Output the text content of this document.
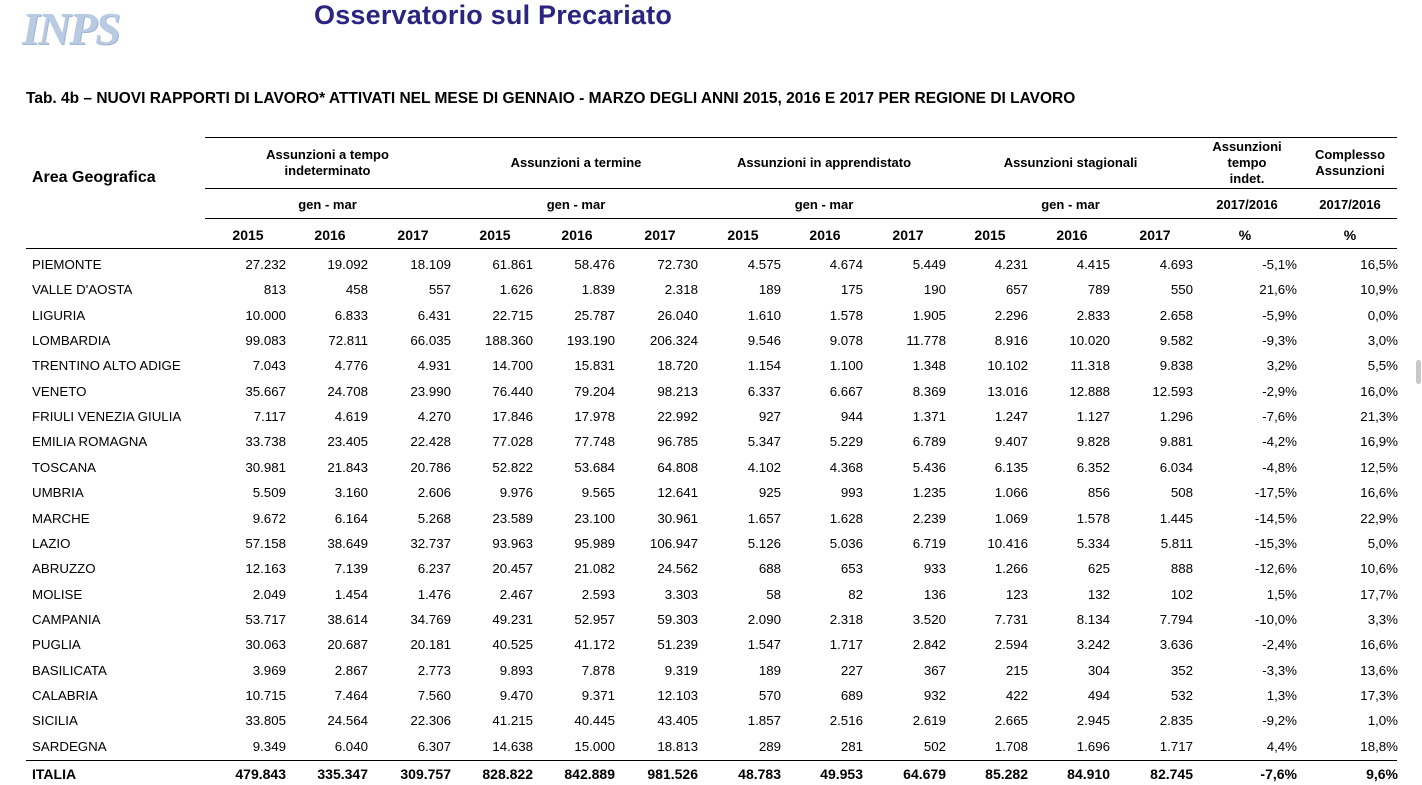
INPS	Osservatorio sul Precariato
Tab. 4b – NUOVI RAPPORTI DI LAVORO* ATTIVATI NEL MESE DI GENNAIO - MARZO DEGLI ANNI 2015, 2016 E 2017 PER REGIONE DI LAVORO
Area Geografica
Assunzioni a tempo
indeterminato
Assunzioni a termine	Assunzioni in apprendistato	Assunzioni stagionali
Assunzioni
tempo
indet.
Complesso
Assunzioni
gen - mar	gen - mar	gen - mar	gen - mar	2017/2016	2017/2016
2015	2016	2017	2015	2016	2017	2015	2016	2017	2015	2016	2017	%	%
PIEMONTE	27.232	19.092	18.109	61.861	58.476	72.730	4.575	4.674	5.449	4.231	4.415	4.693	-5,1%	16,5%
VALLE D'AOSTA	813	458	557	1.626	1.839	2.318	189	175	190	657	789	550	21,6%	10,9%
LIGURIA	10.000	6.833	6.431	22.715	25.787	26.040	1.610	1.578	1.905	2.296	2.833	2.658	-5,9%	0,0%
LOMBARDIA	99.083	72.811	66.035	188.360	193.190	206.324	9.546	9.078	11.778	8.916	10.020	9.582	-9,3%	3,0%
TRENTINO ALTO ADIGE	7.043	4.776	4.931	14.700	15.831	18.720	1.154	1.100	1.348	10.102	11.318	9.838	3,2%	5,5%
VENETO	35.667	24.708	23.990	76.440	79.204	98.213	6.337	6.667	8.369	13.016	12.888	12.593	-2,9%	16,0%
FRIULI VENEZIA GIULIA	7.117	4.619	4.270	17.846	17.978	22.992	927	944	1.371	1.247	1.127	1.296	-7,6%	21,3%
EMILIA ROMAGNA	33.738	23.405	22.428	77.028	77.748	96.785	5.347	5.229	6.789	9.407	9.828	9.881	-4,2%	16,9%
TOSCANA	30.981	21.843	20.786	52.822	53.684	64.808	4.102	4.368	5.436	6.135	6.352	6.034	-4,8%	12,5%
UMBRIA	5.509	3.160	2.606	9.976	9.565	12.641	925	993	1.235	1.066	856	508	-17,5%	16,6%
MARCHE	9.672	6.164	5.268	23.589	23.100	30.961	1.657	1.628	2.239	1.069	1.578	1.445	-14,5%	22,9%
LAZIO	57.158	38.649	32.737	93.963	95.989	106.947	5.126	5.036	6.719	10.416	5.334	5.811	-15,3%	5,0%
ABRUZZO	12.163	7.139	6.237	20.457	21.082	24.562	688	653	933	1.266	625	888	-12,6%	10,6%
MOLISE	2.049	1.454	1.476	2.467	2.593	3.303	58	82	136	123	132	102	1,5%	17,7%
CAMPANIA	53.717	38.614	34.769	49.231	52.957	59.303	2.090	2.318	3.520	7.731	8.134	7.794	-10,0%	3,3%
PUGLIA	30.063	20.687	20.181	40.525	41.172	51.239	1.547	1.717	2.842	2.594	3.242	3.636	-2,4%	16,6%
BASILICATA	3.969	2.867	2.773	9.893	7.878	9.319	189	227	367	215	304	352	-3,3%	13,6%
CALABRIA	10.715	7.464	7.560	9.470	9.371	12.103	570	689	932	422	494	532	1,3%	17,3%
SICILIA	33.805	24.564	22.306	41.215	40.445	43.405	1.857	2.516	2.619	2.665	2.945	2.835	-9,2%	1,0%
SARDEGNA	9.349	6.040	6.307	14.638	15.000	18.813	289	281	502	1.708	1.696	1.717	4,4%	18,8%
ITALIA	479.843	335.347	309.757	828.822	842.889	981.526	48.783	49.953	64.679	85.282	84.910	82.745	-7,6%	9,6%
